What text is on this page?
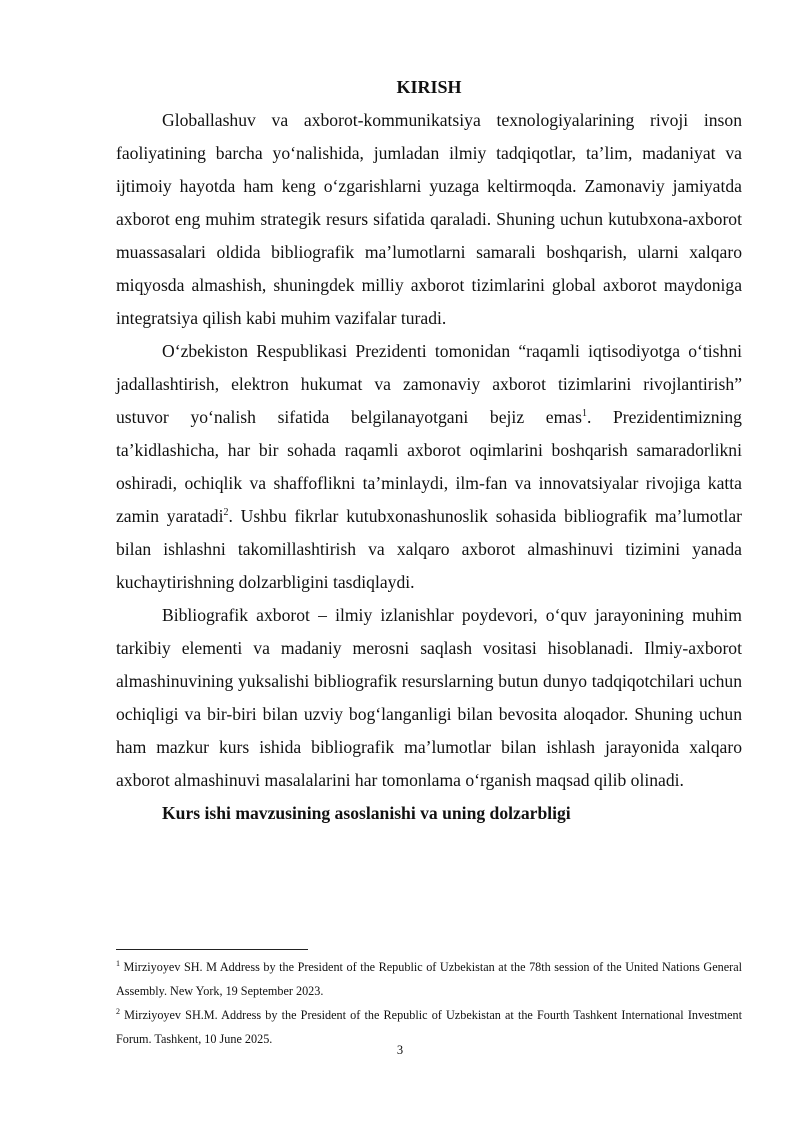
KIRISH

Globallashuv va axborot-kommunikatsiya texnologiyalarining rivoji inson faoliyatining barcha yo‘nalishida, jumladan ilmiy tadqiqotlar, ta’lim, madaniyat va ijtimoiy hayotda ham keng o‘zgarishlarni yuzaga keltirmoqda. Zamonaviy jamiyatda axborot eng muhim strategik resurs sifatida qaraladi. Shuning uchun kutubxona-axborot muassasalari oldida bibliografik ma’lumotlarni samarali boshqarish, ularni xalqaro miqyosda almashish, shuningdek milliy axborot tizimlarini global axborot maydoniga integratsiya qilish kabi muhim vazifalar turadi.

O‘zbekiston Respublikasi Prezidenti tomonidan “raqamli iqtisodiyotga o‘tishni jadallashtirish, elektron hukumat va zamonaviy axborot tizimlarini rivojlantirish” ustuvor yo‘nalish sifatida belgilanayotgani bejiz emas$^1$. Prezidentimizning ta’kidlashicha, har bir sohada raqamli axborot oqimlarini boshqarish samaradorlikni oshiradi, ochiqlik va shaffoflikni ta’minlaydi, ilm-fan va innovatsiyalar rivojiga katta zamin yaratadi$^2$. Ushbu fikrlar kutubxonashunoslik sohasida bibliografik ma’lumotlar bilan ishlashni takomillashtirish va xalqaro axborot almashinuvi tizimini yanada kuchaytirishning dolzarbligini tasdiqlaydi.

Bibliografik axborot – ilmiy izlanishlar poydevori, o‘quv jarayonining muhim tarkibiy elementi va madaniy merosni saqlash vositasi hisoblanadi. Ilmiy-axborot almashinuvining yuksalishi bibliografik resurslarning butun dunyo tadqiqotchilari uchun ochiqligi va bir-biri bilan uzviy bog‘langanligi bilan bevosita aloqador. Shuning uchun ham mazkur kurs ishida bibliografik ma’lumotlar bilan ishlash jarayonida xalqaro axborot almashinuvi masalalarini har tomonlama o‘rganish maqsad qilib olinadi.

Kurs ishi mavzusining asoslanishi va uning dolzarbligi

$^1$ Mirziyoyev SH. M Address by the President of the Republic of Uzbekistan at the 78th session of the United Nations General Assembly. New York, 19 September 2023.

$^2$ Mirziyoyev SH.M. Address by the President of the Republic of Uzbekistan at the Fourth Tashkent International Investment Forum. Tashkent, 10 June 2025.

3
